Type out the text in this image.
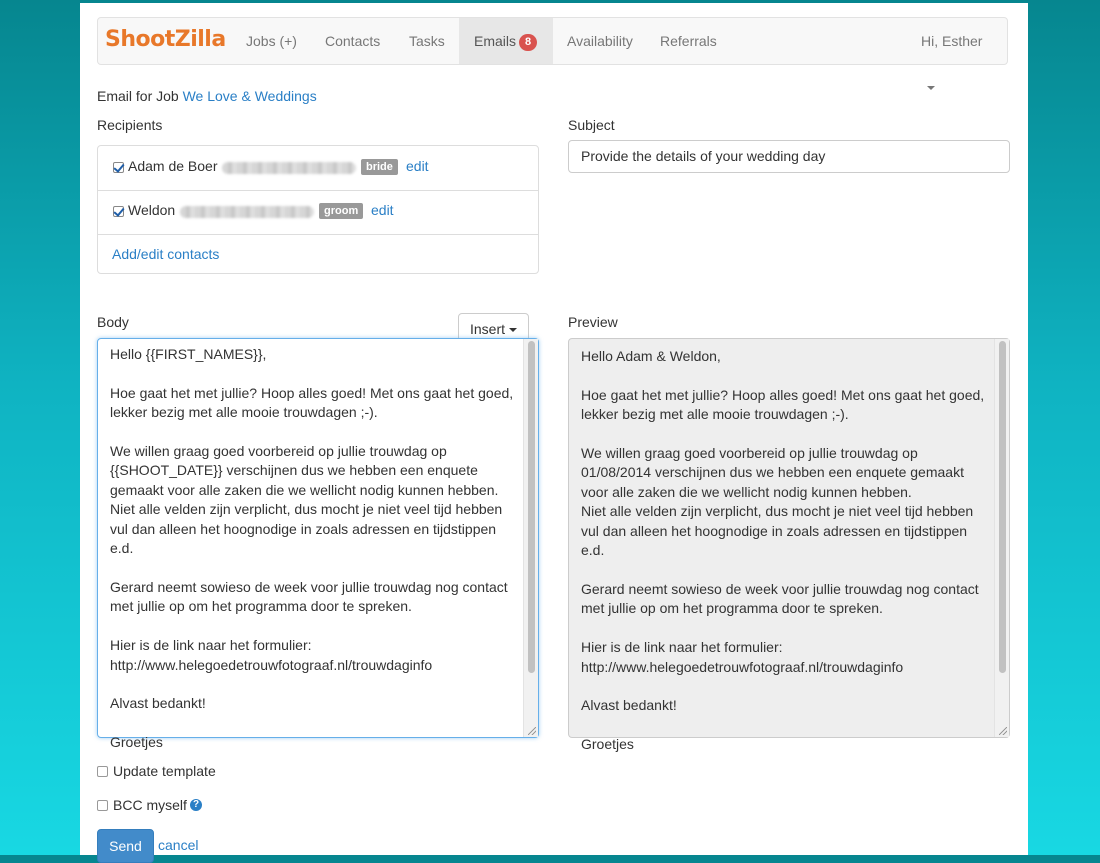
ShootZilla	Jobs (+)	Contacts	Tasks	Emails 8	Availability	Referrals	Hi, Esther
Email for Job We Love & Weddings
Recipients
Adam de Boer	bride edit
Weldon	groom edit
Add/edit contacts
Subject
Provide the details of your wedding day
Body	Insert
Hello {{FIRST_NAMES}},

Hoe gaat het met jullie? Hoop alles goed! Met ons gaat het goed, lekker bezig met alle mooie trouwdagen ;-).

We willen graag goed voorbereid op jullie trouwdag op {{SHOOT_DATE}} verschijnen dus we hebben een enquete gemaakt voor alle zaken die we wellicht nodig kunnen hebben.
Niet alle velden zijn verplicht, dus mocht je niet veel tijd hebben vul dan alleen het hoognodige in zoals adressen en tijdstippen e.d.

Gerard neemt sowieso de week voor jullie trouwdag nog contact met jullie op om het programma door te spreken.

Hier is de link naar het formulier:
http://www.helegoedetrouwfotograaf.nl/trouwdaginfo

Alvast bedankt!

Groetjes
Preview
Hello Adam & Weldon,

Hoe gaat het met jullie? Hoop alles goed! Met ons gaat het goed, lekker bezig met alle mooie trouwdagen ;-).

We willen graag goed voorbereid op jullie trouwdag op 01/08/2014 verschijnen dus we hebben een enquete gemaakt voor alle zaken die we wellicht nodig kunnen hebben.
Niet alle velden zijn verplicht, dus mocht je niet veel tijd hebben vul dan alleen het hoognodige in zoals adressen en tijdstippen e.d.

Gerard neemt sowieso de week voor jullie trouwdag nog contact met jullie op om het programma door te spreken.

Hier is de link naar het formulier:
http://www.helegoedetrouwfotograaf.nl/trouwdaginfo

Alvast bedankt!

Groetjes
Update template
BCC myself ?
Send	cancel
